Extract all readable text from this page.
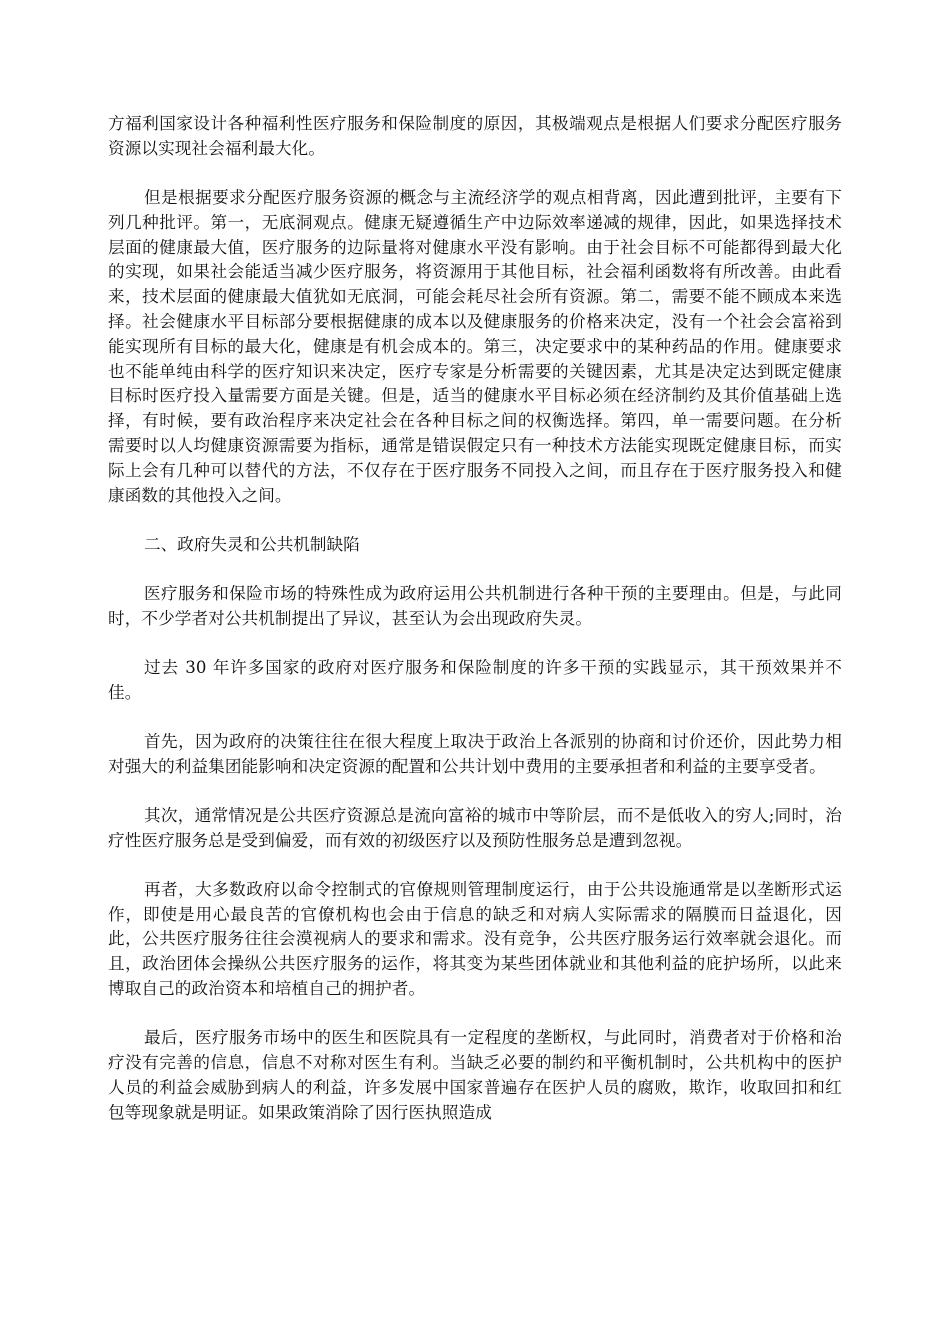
方福利国家设计各种福利性医疗服务和保险制度的原因，其极端观点是根据人们要求分配医疗服务资源以实现社会福利最大化。

但是根据要求分配医疗服务资源的概念与主流经济学的观点相背离，因此遭到批评，主要有下列几种批评。第一，无底洞观点。健康无疑遵循生产中边际效率递减的规律，因此，如果选择技术层面的健康最大值，医疗服务的边际量将对健康水平没有影响。由于社会目标不可能都得到最大化的实现，如果社会能适当减少医疗服务，将资源用于其他目标，社会福利函数将有所改善。由此看来，技术层面的健康最大值犹如无底洞，可能会耗尽社会所有资源。第二，需要不能不顾成本来选择。社会健康水平目标部分要根据健康的成本以及健康服务的价格来决定，没有一个社会会富裕到能实现所有目标的最大化，健康是有机会成本的。第三，决定要求中的某种药品的作用。健康要求也不能单纯由科学的医疗知识来决定，医疗专家是分析需要的关键因素，尤其是决定达到既定健康目标时医疗投入量需要方面是关键。但是，适当的健康水平目标必须在经济制约及其价值基础上选择，有时候，要有政治程序来决定社会在各种目标之间的权衡选择。第四，单一需要问题。在分析需要时以人均健康资源需要为指标，通常是错误假定只有一种技术方法能实现既定健康目标，而实际上会有几种可以替代的方法，不仅存在于医疗服务不同投入之间，而且存在于医疗服务投入和健康函数的其他投入之间。

二、政府失灵和公共机制缺陷

医疗服务和保险市场的特殊性成为政府运用公共机制进行各种干预的主要理由。但是，与此同时，不少学者对公共机制提出了异议，甚至认为会出现政府失灵。

过去 30 年许多国家的政府对医疗服务和保险制度的许多干预的实践显示，其干预效果并不佳。

首先，因为政府的决策往往在很大程度上取决于政治上各派别的协商和讨价还价，因此势力相对强大的利益集团能影响和决定资源的配置和公共计划中费用的主要承担者和利益的主要享受者。

其次，通常情况是公共医疗资源总是流向富裕的城市中等阶层，而不是低收入的穷人;同时，治疗性医疗服务总是受到偏爱，而有效的初级医疗以及预防性服务总是遭到忽视。

再者，大多数政府以命令控制式的官僚规则管理制度运行，由于公共设施通常是以垄断形式运作，即使是用心最良苦的官僚机构也会由于信息的缺乏和对病人实际需求的隔膜而日益退化，因此，公共医疗服务往往会漠视病人的要求和需求。没有竞争，公共医疗服务运行效率就会退化。而且，政治团体会操纵公共医疗服务的运作，将其变为某些团体就业和其他利益的庇护场所，以此来博取自己的政治资本和培植自己的拥护者。

最后，医疗服务市场中的医生和医院具有一定程度的垄断权，与此同时，消费者对于价格和治疗没有完善的信息，信息不对称对医生有利。当缺乏必要的制约和平衡机制时，公共机构中的医护人员的利益会威胁到病人的利益，许多发展中国家普遍存在医护人员的腐败，欺诈，收取回扣和红包等现象就是明证。如果政策消除了因行医执照造成
